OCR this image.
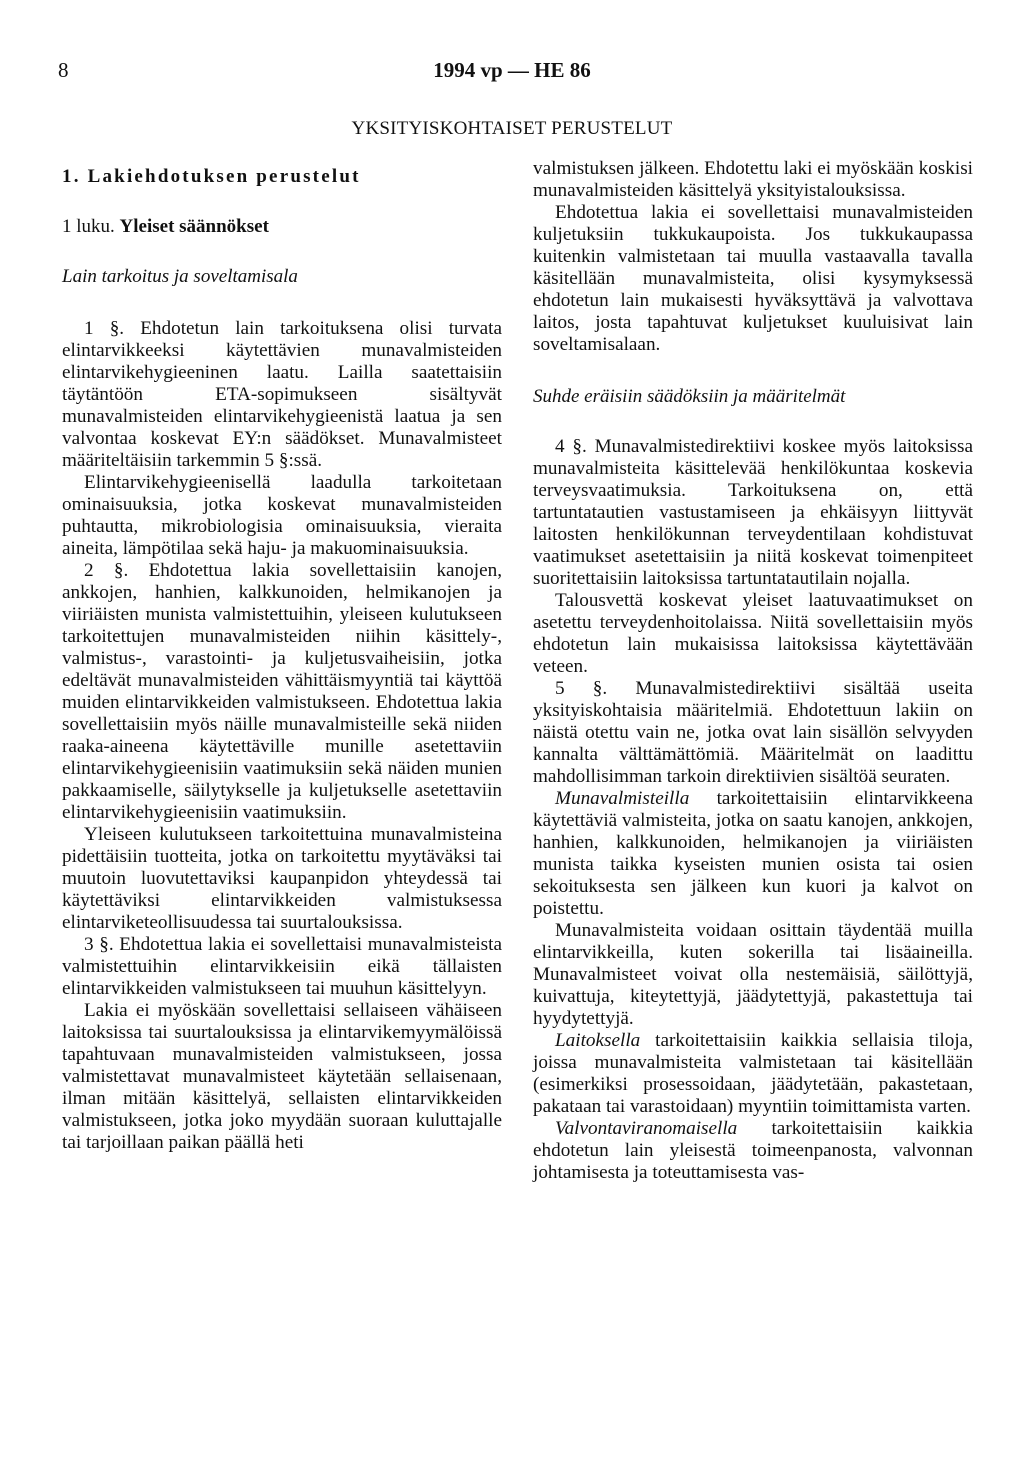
8	1994 vp — HE 86
YKSITYISKOHTAISET PERUSTELUT
1. Lakiehdotuksen perustelut
1 luku. Yleiset säännökset
Lain tarkoitus ja soveltamisala

1 §. Ehdotetun lain tarkoituksena olisi turvata elintarvikkeeksi käytettävien munavalmisteiden elintarvikehygieeninen laatu. Lailla saatettaisiin täytäntöön ETA-sopimukseen sisältyvät munavalmisteiden elintarvikehygieenistä laatua ja sen valvontaa koskevat EY:n säädökset. Munavalmisteet määriteltäisiin tarkemmin 5 §:ssä.

Elintarvikehygieenisellä laadulla tarkoitetaan ominaisuuksia, jotka koskevat munavalmisteiden puhtautta, mikrobiologisia ominaisuuksia, vieraita aineita, lämpötilaa sekä haju- ja makuominaisuuksia.

2 §. Ehdotettua lakia sovellettaisiin kanojen, ankkojen, hanhien, kalkkunoiden, helmikanojen ja viiriäisten munista valmistettuihin, yleiseen kulutukseen tarkoitettujen munavalmisteiden niihin käsittely-, valmistus-, varastointi- ja kuljetusvaiheisiin, jotka edeltävät munavalmisteiden vähittäismyyntiä tai käyttöä muiden elintarvikkeiden valmistukseen. Ehdotettua lakia sovellettaisiin myös näille munavalmisteille sekä niiden raaka-aineena käytettäville munille asetettaviin elintarvikehygieenisiin vaatimuksiin sekä näiden munien pakkaamiselle, säilytykselle ja kuljetukselle asetettaviin elintarvikehygieenisiin vaatimuksiin.

Yleiseen kulutukseen tarkoitettuina munavalmisteina pidettäisiin tuotteita, jotka on tarkoitettu myytäväksi tai muutoin luovutettaviksi kaupanpidon yhteydessä tai käytettäviksi elintarvikkeiden valmistuksessa elintarviketeollisuudessa tai suurtalouksissa.

3 §. Ehdotettua lakia ei sovellettaisi munavalmisteista valmistettuihin elintarvikkeisiin eikä tällaisten elintarvikkeiden valmistukseen tai muuhun käsittelyyn.

Lakia ei myöskään sovellettaisi sellaiseen vähäiseen laitoksissa tai suurtalouksissa ja elintarvikemyymälöissä tapahtuvaan munavalmisteiden valmistukseen, jossa valmistettavat munavalmisteet käytetään sellaisenaan, ilman mitään käsittelyä, sellaisten elintarvikkeiden valmistukseen, jotka joko myydään suoraan kuluttajalle tai tarjoillaan paikan päällä heti

valmistuksen jälkeen. Ehdotettu laki ei myöskään koskisi munavalmisteiden käsittelyä yksityistalouksissa.

Ehdotettua lakia ei sovellettaisi munavalmisteiden kuljetuksiin tukkukaupoista. Jos tukkukaupassa kuitenkin valmistetaan tai muulla vastaavalla tavalla käsitellään munavalmisteita, olisi kysymyksessä ehdotetun lain mukaisesti hyväksyttävä ja valvottava laitos, josta tapahtuvat kuljetukset kuuluisivat lain soveltamisalaan.

Suhde eräisiin säädöksiin ja määritelmät

4 §. Munavalmistedirektiivi koskee myös laitoksissa munavalmisteita käsittelevää henkilökuntaa koskevia terveysvaatimuksia. Tarkoituksena on, että tartuntatautien vastustamiseen ja ehkäisyyn liittyvät laitosten henkilökunnan terveydentilaan kohdistuvat vaatimukset asetettaisiin ja niitä koskevat toimenpiteet suoritettaisiin laitoksissa tartuntatautilain nojalla.

Talousvettä koskevat yleiset laatuvaatimukset on asetettu terveydenhoitolaissa. Niitä sovellettaisiin myös ehdotetun lain mukaisissa laitoksissa käytettävään veteen.

5 §. Munavalmistedirektiivi sisältää useita yksityiskohtaisia määritelmiä. Ehdotettuun lakiin on näistä otettu vain ne, jotka ovat lain sisällön selvyyden kannalta välttämättömiä. Määritelmät on laadittu mahdollisimman tarkoin direktiivien sisältöä seuraten.

Munavalmisteilla tarkoitettaisiin elintarvikkeena käytettäviä valmisteita, jotka on saatu kanojen, ankkojen, hanhien, kalkkunoiden, helmikanojen ja viiriäisten munista taikka kyseisten munien osista tai osien sekoituksesta sen jälkeen kun kuori ja kalvot on poistettu.

Munavalmisteita voidaan osittain täydentää muilla elintarvikkeilla, kuten sokerilla tai lisäaineilla. Munavalmisteet voivat olla nestemäisiä, säilöttyjä, kuivattuja, kiteytettyjä, jäädytettyjä, pakastettuja tai hyydytettyjä.

Laitoksella tarkoitettaisiin kaikkia sellaisia tiloja, joissa munavalmisteita valmistetaan tai käsitellään (esimerkiksi prosessoidaan, jäädytetään, pakastetaan, pakataan tai varastoidaan) myyntiin toimittamista varten.

Valvontaviranomaisella tarkoitettaisiin kaikkia ehdotetun lain yleisestä toimeenpanosta, valvonnan johtamisesta ja toteuttamisesta vas-
